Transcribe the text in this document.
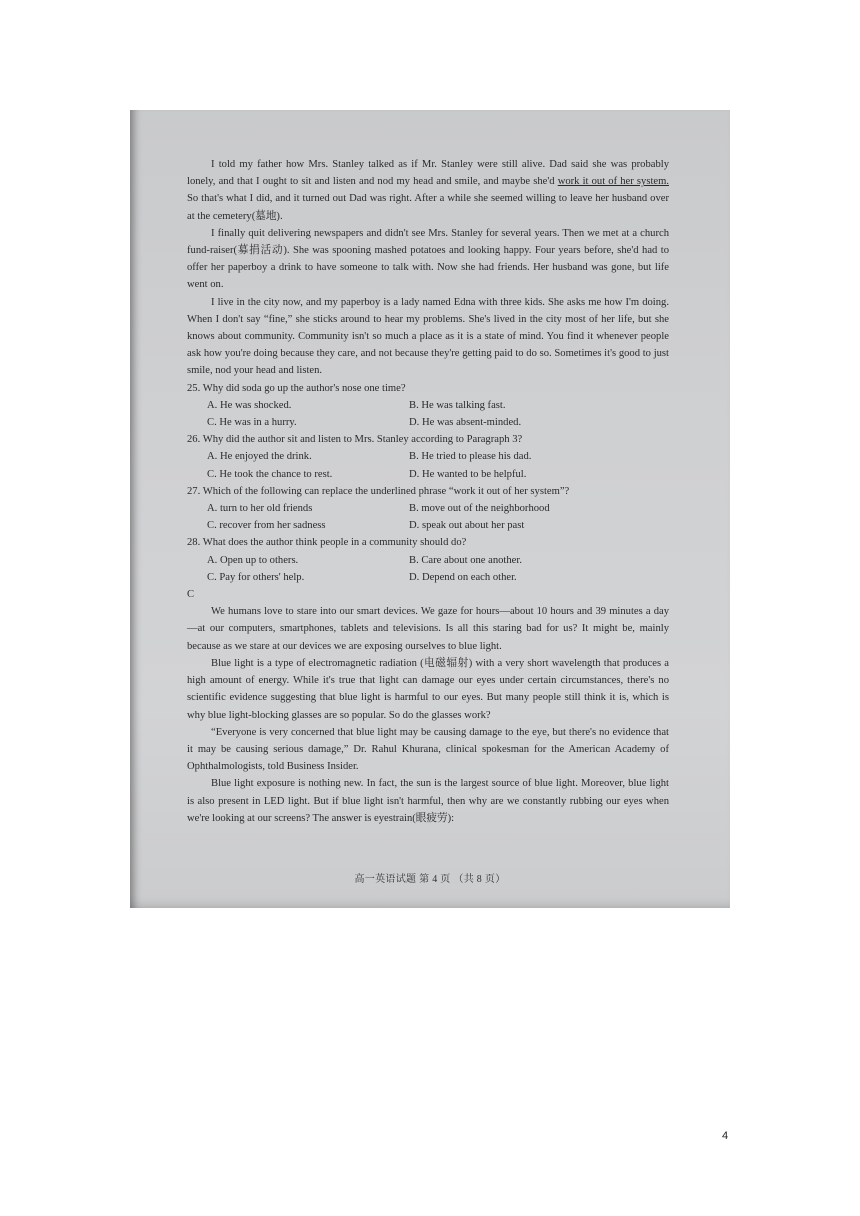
I told my father how Mrs. Stanley talked as if Mr. Stanley were still alive. Dad said she was probably lonely, and that I ought to sit and listen and nod my head and smile, and maybe she'd work it out of her system. So that's what I did, and it turned out Dad was right. After a while she seemed willing to leave her husband over at the cemetery(墓地).

I finally quit delivering newspapers and didn't see Mrs. Stanley for several years. Then we met at a church fund-raiser(募捐活动). She was spooning mashed potatoes and looking happy. Four years before, she'd had to offer her paperboy a drink to have someone to talk with. Now she had friends. Her husband was gone, but life went on.

I live in the city now, and my paperboy is a lady named Edna with three kids. She asks me how I'm doing. When I don't say “fine,” she sticks around to hear my problems. She's lived in the city most of her life, but she knows about community. Community isn't so much a place as it is a state of mind. You find it whenever people ask how you're doing because they care, and not because they're getting paid to do so. Sometimes it's good to just smile, nod your head and listen.

25. Why did soda go up the author's nose one time?

A. He was shocked.	B. He was talking fast.
C. He was in a hurry.	D. He was absent-minded.

26. Why did the author sit and listen to Mrs. Stanley according to Paragraph 3?

A. He enjoyed the drink.	B. He tried to please his dad.
C. He took the chance to rest.	D. He wanted to be helpful.

27. Which of the following can replace the underlined phrase “work it out of her system”?

A. turn to her old friends	B. move out of the neighborhood
C. recover from her sadness	D. speak out about her past

28. What does the author think people in a community should do?

A. Open up to others.	B. Care about one another.
C. Pay for others' help.	D. Depend on each other.

C

We humans love to stare into our smart devices. We gaze for hours—about 10 hours and 39 minutes a day—at our computers, smartphones, tablets and televisions. Is all this staring bad for us? It might be, mainly because as we stare at our devices we are exposing ourselves to blue light.

Blue light is a type of electromagnetic radiation (电磁辐射) with a very short wavelength that produces a high amount of energy. While it's true that light can damage our eyes under certain circumstances, there's no scientific evidence suggesting that blue light is harmful to our eyes. But many people still think it is, which is why blue light-blocking glasses are so popular. So do the glasses work?

“Everyone is very concerned that blue light may be causing damage to the eye, but there's no evidence that it may be causing serious damage,” Dr. Rahul Khurana, clinical spokesman for the American Academy of Ophthalmologists, told Business Insider.

Blue light exposure is nothing new. In fact, the sun is the largest source of blue light. Moreover, blue light is also present in LED light. But if blue light isn't harmful, then why are we constantly rubbing our eyes when we're looking at our screens? The answer is eyestrain(眼疲劳):

高一英语试题 第 4 页 （共 8 页）
4
